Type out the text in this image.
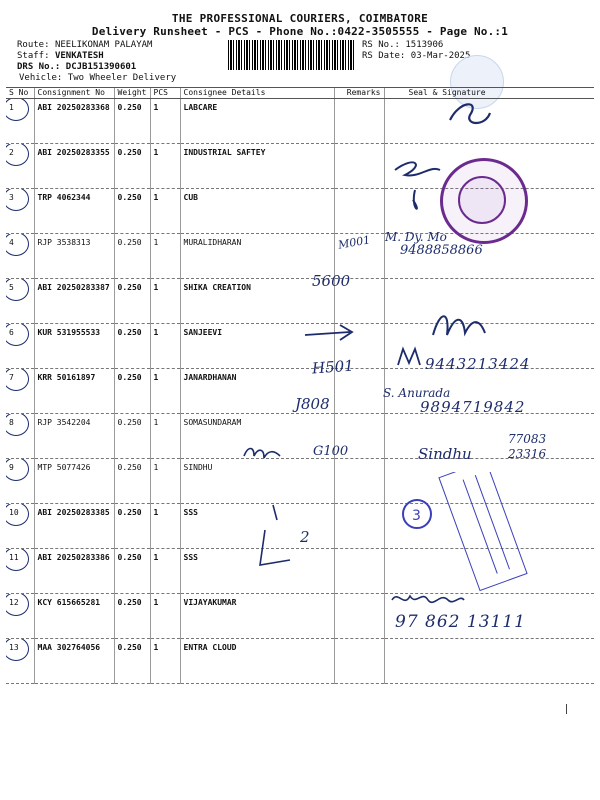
THE PROFESSIONAL COURIERS, COIMBATORE
Delivery Runsheet - PCS - Phone No.:0422-3505555 - Page No.:1
Route: NEELIKONAM PALAYAM
Staff: VENKATESH
DRS No.: DCJB151390601
Vehicle: Two Wheeler Delivery
RS No.: 1513906
RS Date: 03-Mar-2025
S No	Consignment No	Weight	PCS	Consignee Details	Remarks	Seal & Signature

1	ABI 20250283368	0.250	1	LABCARE		

2	ABI 20250283355	0.250	1	INDUSTRIAL SAFTEY		

3	TRP 4062344	0.250	1	CUB		

4	RJP 3538313	0.250	1	MURALIDHARAN		

5	ABI 20250283387	0.250	1	SHIKA CREATION		

6	KUR 531955533	0.250	1	SANJEEVI		

7	KRR 50161897	0.250	1	JANARDHANAN		

8	RJP 3542204	0.250	1	SOMASUNDARAM		

9	MTP 5077426	0.250	1	SINDHU		

10	ABI 20250283385	0.250	1	SSS		

11	ABI 20250283386	0.250	1	SSS		

12	KCY 615665281	0.250	1	VIJAYAKUMAR		

13	MAA 302764056	0.250	1	ENTRA CLOUD		
M001 M. Dy. Mo
9488858866
5600
H501	9443213424
J808
S. Anurada
9894719842
G100	Sindhu
77083 23316
2
3
97 862 13111
